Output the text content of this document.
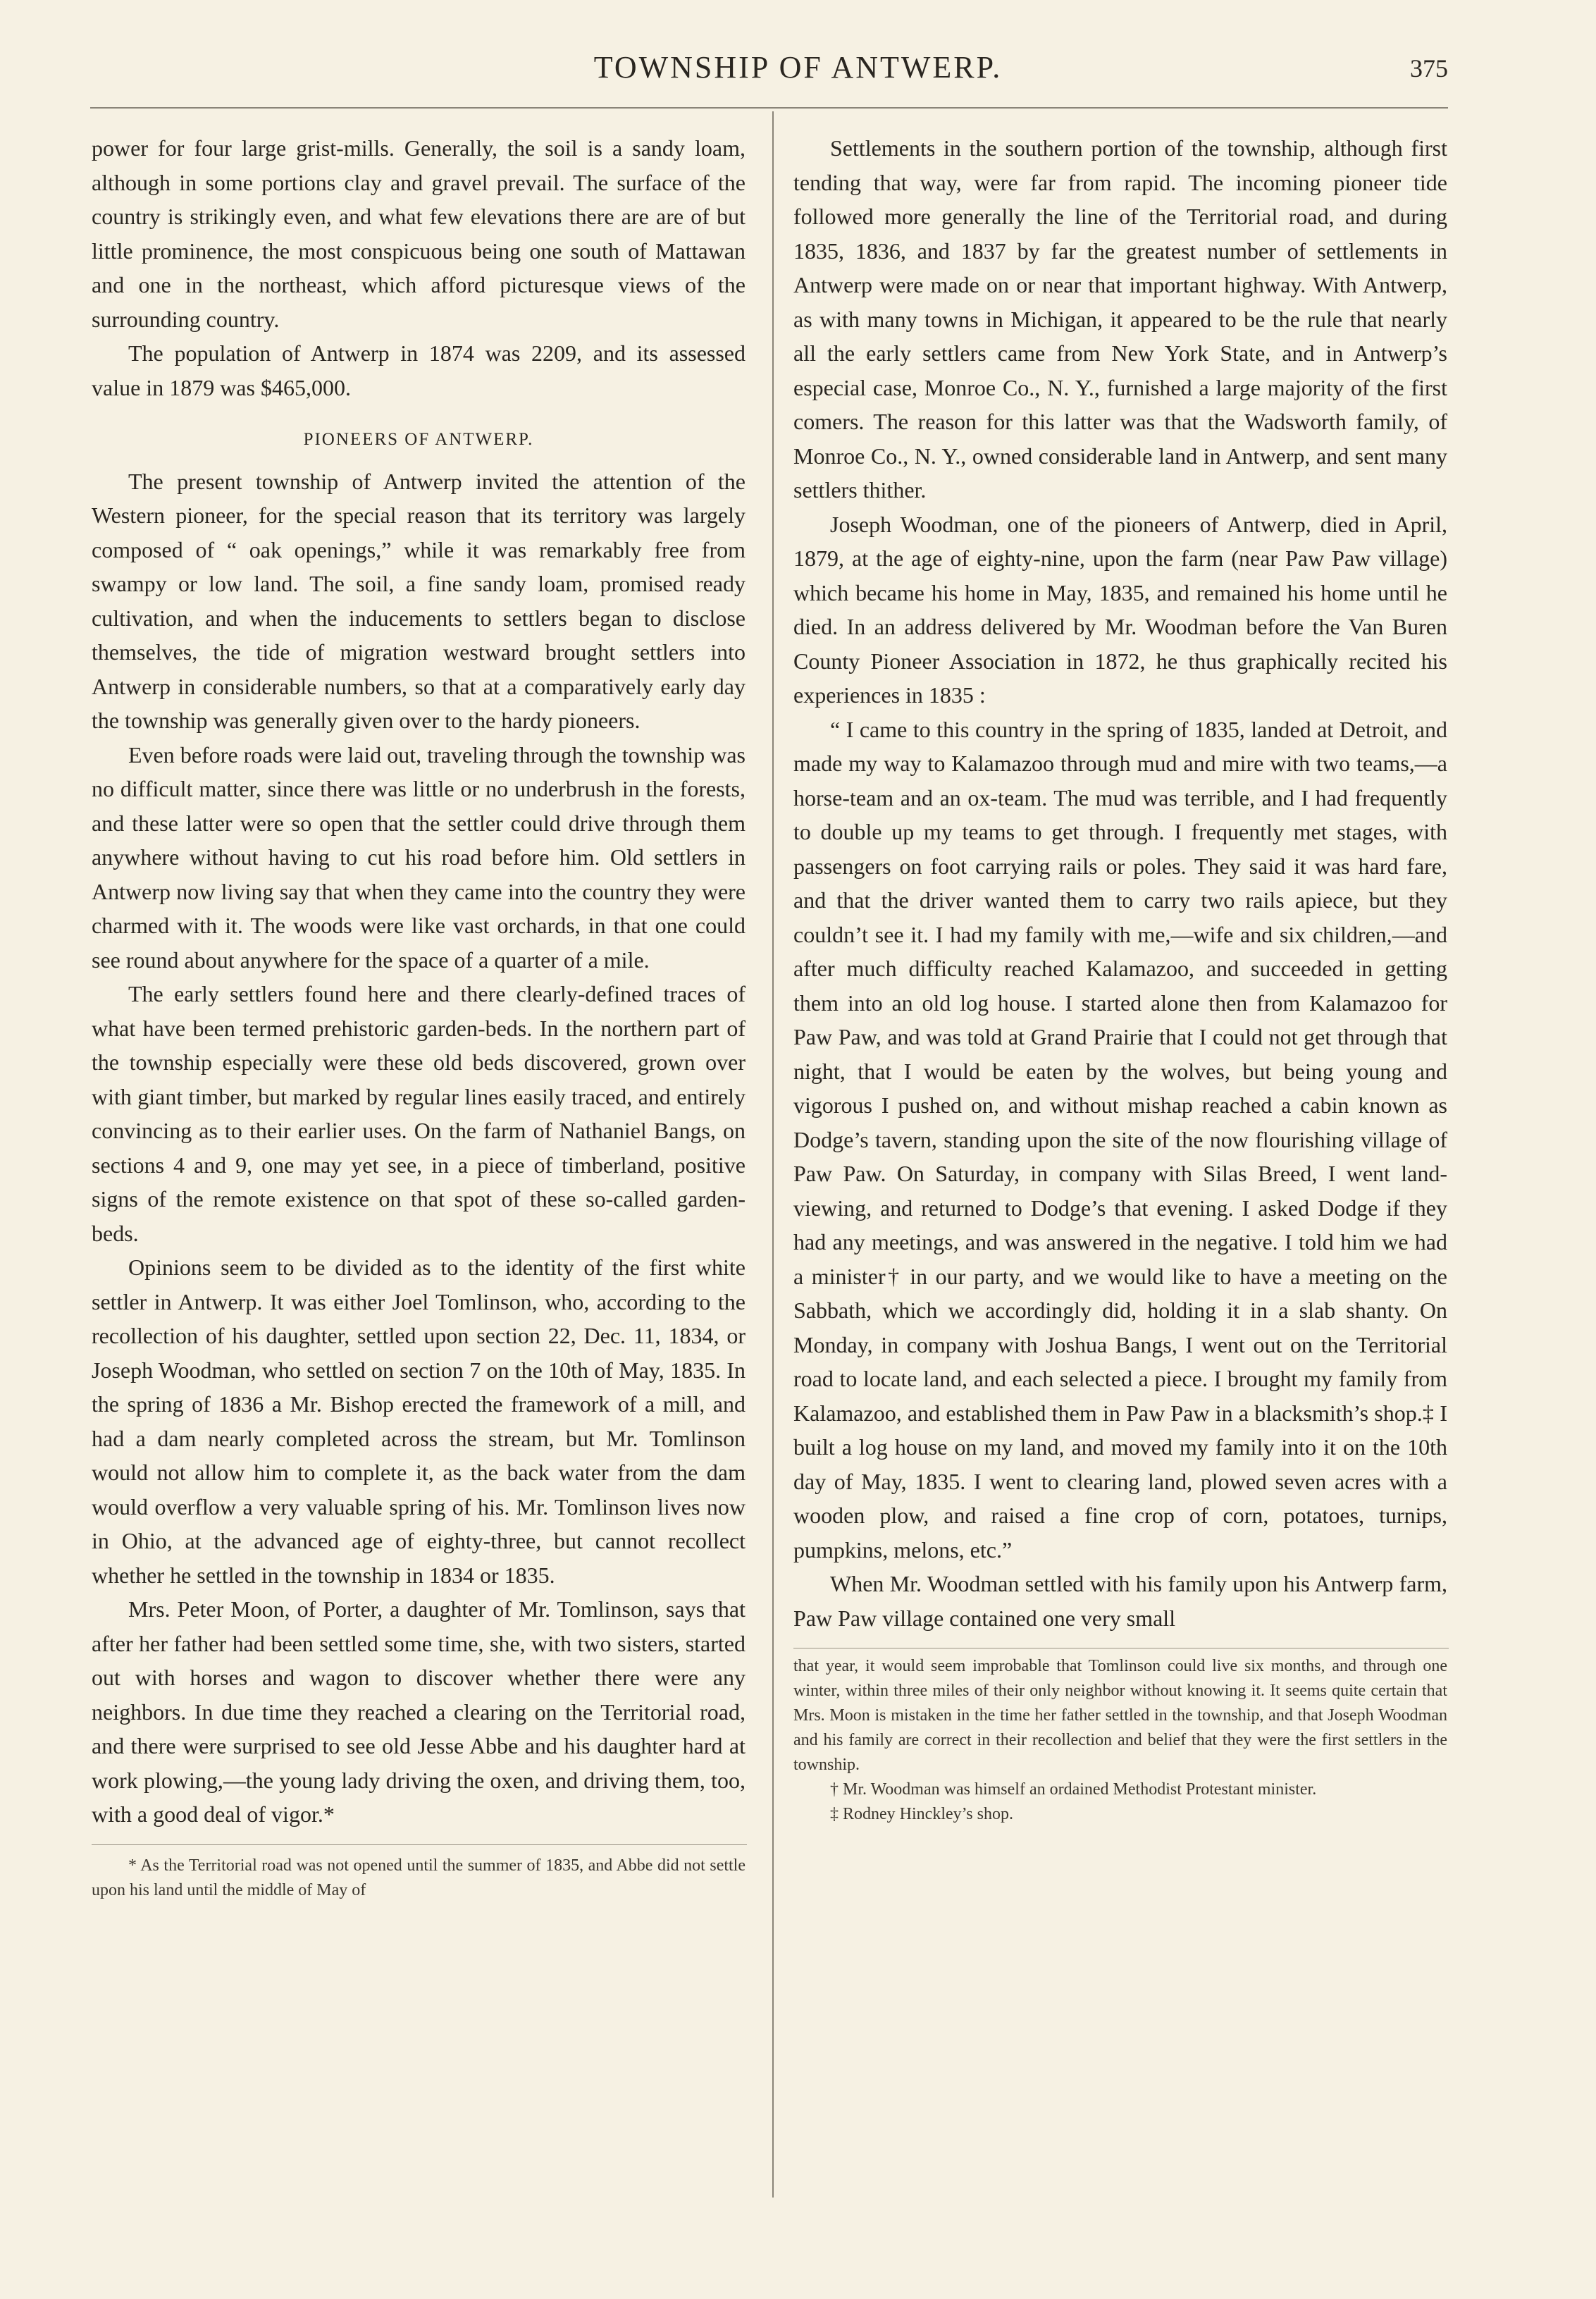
TOWNSHIP OF ANTWERP.	375

power for four large grist-mills. Generally, the soil is a sandy loam, although in some portions clay and gravel prevail. The surface of the country is strikingly even, and what few elevations there are are of but little prominence, the most conspicuous being one south of Mattawan and one in the northeast, which afford picturesque views of the surrounding country.

The population of Antwerp in 1874 was 2209, and its assessed value in 1879 was $465,000.

PIONEERS OF ANTWERP.

The present township of Antwerp invited the attention of the Western pioneer, for the special reason that its territory was largely composed of “ oak openings,” while it was remarkably free from swampy or low land. The soil, a fine sandy loam, promised ready cultivation, and when the inducements to settlers began to disclose themselves, the tide of migration westward brought settlers into Antwerp in considerable numbers, so that at a comparatively early day the township was generally given over to the hardy pioneers.

Even before roads were laid out, traveling through the township was no difficult matter, since there was little or no underbrush in the forests, and these latter were so open that the settler could drive through them anywhere without having to cut his road before him. Old settlers in Antwerp now living say that when they came into the country they were charmed with it. The woods were like vast orchards, in that one could see round about anywhere for the space of a quarter of a mile.

The early settlers found here and there clearly-defined traces of what have been termed prehistoric garden-beds. In the northern part of the township especially were these old beds discovered, grown over with giant timber, but marked by regular lines easily traced, and entirely convincing as to their earlier uses. On the farm of Nathaniel Bangs, on sections 4 and 9, one may yet see, in a piece of timberland, positive signs of the remote existence on that spot of these so-called garden-beds.

Opinions seem to be divided as to the identity of the first white settler in Antwerp. It was either Joel Tomlinson, who, according to the recollection of his daughter, settled upon section 22, Dec. 11, 1834, or Joseph Woodman, who settled on section 7 on the 10th of May, 1835. In the spring of 1836 a Mr. Bishop erected the framework of a mill, and had a dam nearly completed across the stream, but Mr. Tomlinson would not allow him to complete it, as the back water from the dam would overflow a very valuable spring of his. Mr. Tomlinson lives now in Ohio, at the advanced age of eighty-three, but cannot recollect whether he settled in the township in 1834 or 1835.

Mrs. Peter Moon, of Porter, a daughter of Mr. Tomlinson, says that after her father had been settled some time, she, with two sisters, started out with horses and wagon to discover whether there were any neighbors. In due time they reached a clearing on the Territorial road, and there were surprised to see old Jesse Abbe and his daughter hard at work plowing,—the young lady driving the oxen, and driving them, too, with a good deal of vigor.*

* As the Territorial road was not opened until the summer of 1835, and Abbe did not settle upon his land until the middle of May of

Settlements in the southern portion of the township, although first tending that way, were far from rapid. The incoming pioneer tide followed more generally the line of the Territorial road, and during 1835, 1836, and 1837 by far the greatest number of settlements in Antwerp were made on or near that important highway. With Antwerp, as with many towns in Michigan, it appeared to be the rule that nearly all the early settlers came from New York State, and in Antwerp’s especial case, Monroe Co., N. Y., furnished a large majority of the first comers. The reason for this latter was that the Wadsworth family, of Monroe Co., N. Y., owned considerable land in Antwerp, and sent many settlers thither.

Joseph Woodman, one of the pioneers of Antwerp, died in April, 1879, at the age of eighty-nine, upon the farm (near Paw Paw village) which became his home in May, 1835, and remained his home until he died. In an address delivered by Mr. Woodman before the Van Buren County Pioneer Association in 1872, he thus graphically recited his experiences in 1835 :

“ I came to this country in the spring of 1835, landed at Detroit, and made my way to Kalamazoo through mud and mire with two teams,—a horse-team and an ox-team. The mud was terrible, and I had frequently to double up my teams to get through. I frequently met stages, with passengers on foot carrying rails or poles. They said it was hard fare, and that the driver wanted them to carry two rails apiece, but they couldn’t see it. I had my family with me,—wife and six children,—and after much difficulty reached Kalamazoo, and succeeded in getting them into an old log house. I started alone then from Kalamazoo for Paw Paw, and was told at Grand Prairie that I could not get through that night, that I would be eaten by the wolves, but being young and vigorous I pushed on, and without mishap reached a cabin known as Dodge’s tavern, standing upon the site of the now flourishing village of Paw Paw. On Saturday, in company with Silas Breed, I went land-viewing, and returned to Dodge’s that evening. I asked Dodge if they had any meetings, and was answered in the negative. I told him we had a minister† in our party, and we would like to have a meeting on the Sabbath, which we accordingly did, holding it in a slab shanty. On Monday, in company with Joshua Bangs, I went out on the Territorial road to locate land, and each selected a piece. I brought my family from Kalamazoo, and established them in Paw Paw in a blacksmith’s shop.‡ I built a log house on my land, and moved my family into it on the 10th day of May, 1835. I went to clearing land, plowed seven acres with a wooden plow, and raised a fine crop of corn, potatoes, turnips, pumpkins, melons, etc.”

When Mr. Woodman settled with his family upon his Antwerp farm, Paw Paw village contained one very small

that year, it would seem improbable that Tomlinson could live six months, and through one winter, within three miles of their only neighbor without knowing it. It seems quite certain that Mrs. Moon is mistaken in the time her father settled in the township, and that Joseph Woodman and his family are correct in their recollection and belief that they were the first settlers in the township.

† Mr. Woodman was himself an ordained Methodist Protestant minister.

‡ Rodney Hinckley’s shop.
